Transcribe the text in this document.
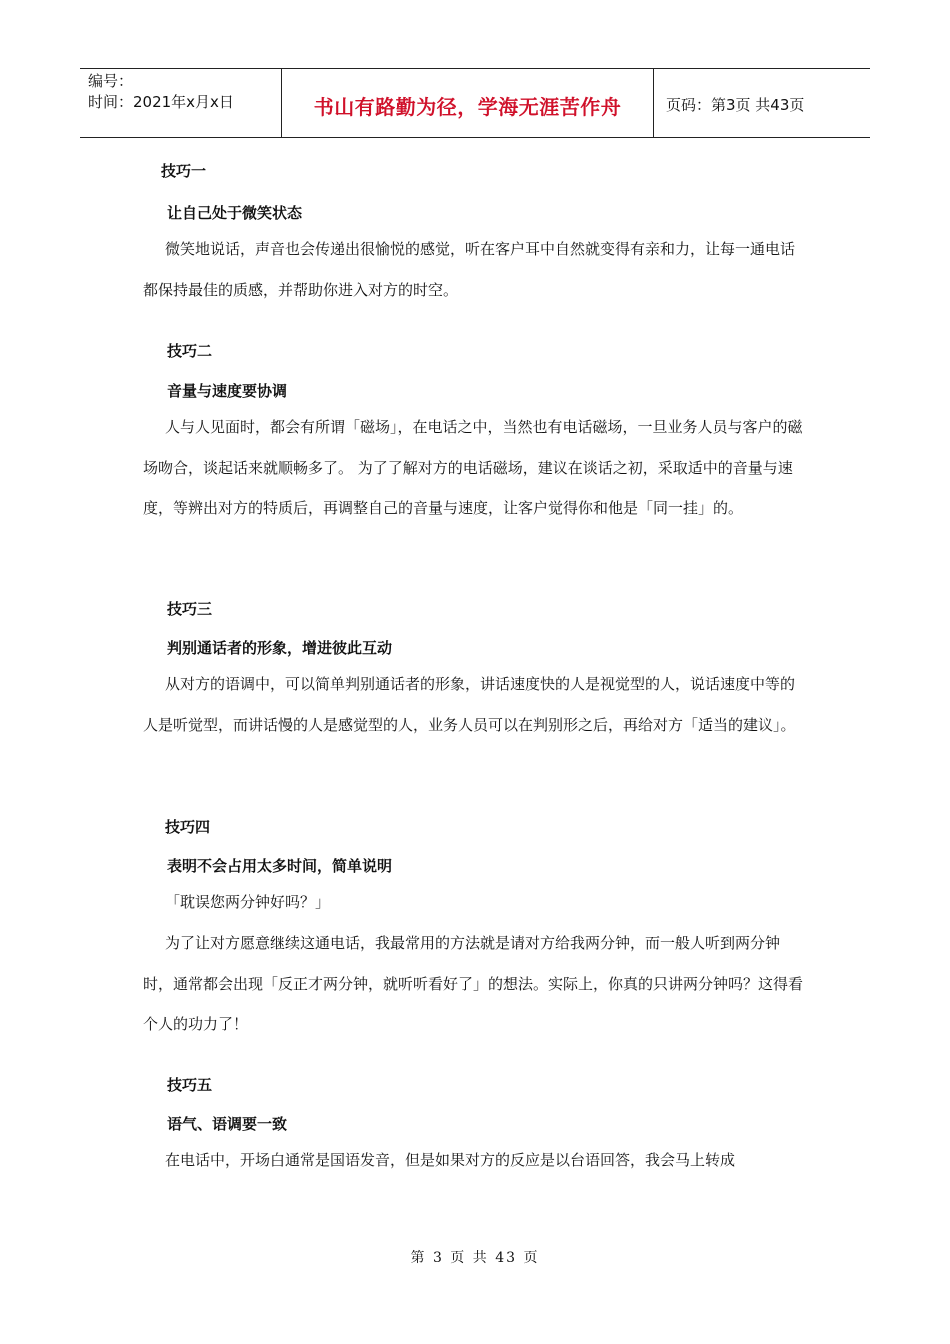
编号：
时间：2021年x月x日	书山有路勤为径，学海无涯苦作舟	页码：第3页 共43页
技巧一
让自己处于微笑状态
微笑地说话，声音也会传递出很愉悦的感觉，听在客户耳中自然就变得有亲和力，让每一通电话都保持最佳的质感，并帮助你进入对方的时空。
技巧二
音量与速度要协调
人与人见面时，都会有所谓「磁场」，在电话之中，当然也有电话磁场，一旦业务人员与客户的磁场吻合，谈起话来就顺畅多了。 为了了解对方的电话磁场，建议在谈话之初，采取适中的音量与速度，等辨出对方的特质后，再调整自己的音量与速度，让客户觉得你和他是「同一挂」的。
技巧三
判别通话者的形象，增进彼此互动
从对方的语调中，可以简单判别通话者的形象，讲话速度快的人是视觉型的人，说话速度中等的人是听觉型，而讲话慢的人是感觉型的人，业务人员可以在判别形之后，再给对方「适当的建议」。
技巧四
表明不会占用太多时间，简单说明
「耽误您两分钟好吗？」
为了让对方愿意继续这通电话，我最常用的方法就是请对方给我两分钟，而一般人听到两分钟时，通常都会出现「反正才两分钟，就听听看好了」的想法。实际上，你真的只讲两分钟吗？这得看个人的功力了！
技巧五
语气、语调要一致
在电话中，开场白通常是国语发音，但是如果对方的反应是以台语回答，我会马上转成
第 3 页 共 43 页
